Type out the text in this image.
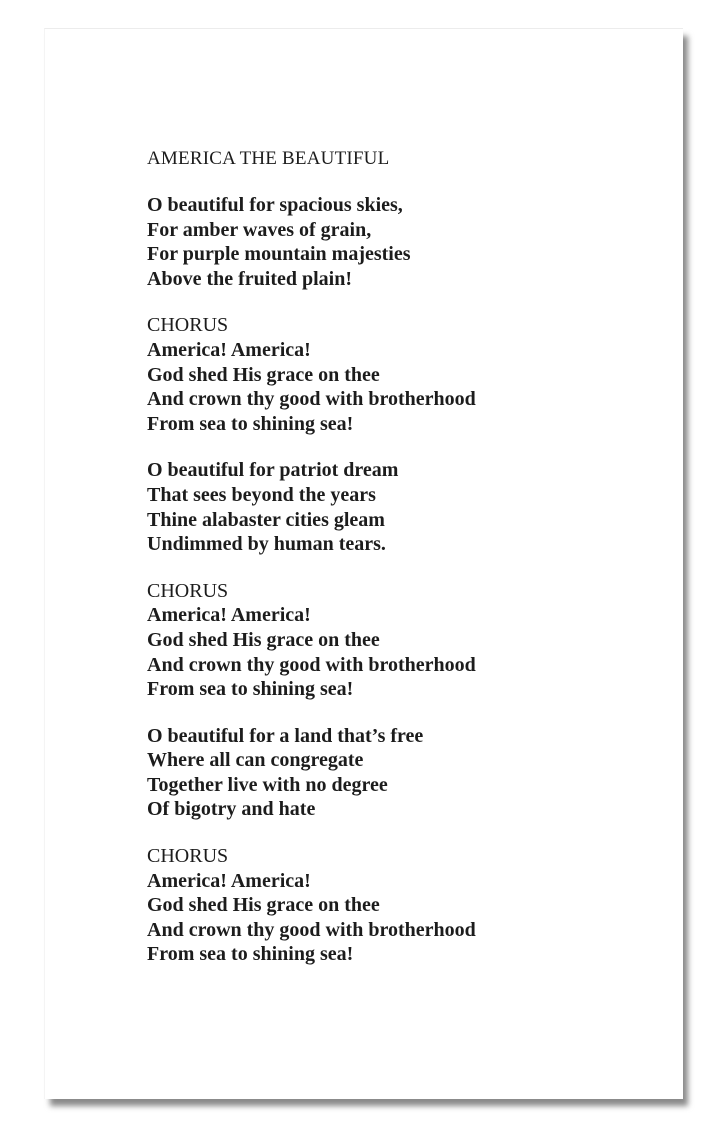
AMERICA THE BEAUTIFUL
O beautiful for spacious skies,
For amber waves of grain,
For purple mountain majesties
Above the fruited plain!
CHORUS
America! America!
God shed His grace on thee
And crown thy good with brotherhood
From sea to shining sea!
O beautiful for patriot dream
That sees beyond the years
Thine alabaster cities gleam
Undimmed by human tears.
CHORUS
America! America!
God shed His grace on thee
And crown thy good with brotherhood
From sea to shining sea!
O beautiful for a land that’s free
Where all can congregate
Together live with no degree
Of bigotry and hate
CHORUS
America! America!
God shed His grace on thee
And crown thy good with brotherhood
From sea to shining sea!
